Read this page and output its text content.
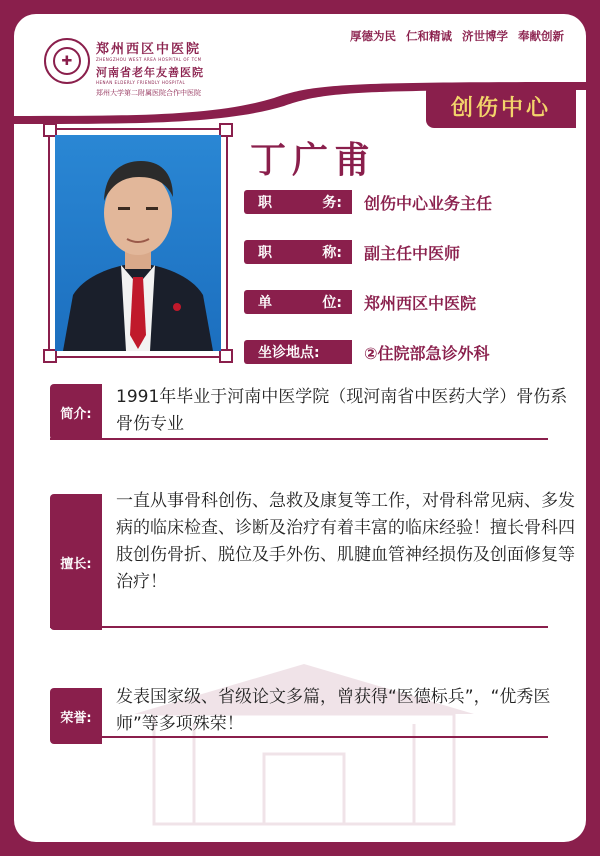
✚
郑州西区中医院
ZHENGZHOU WEST AREA HOSPITAL OF TCM
河南省老年友善医院
HENAN ELDERLY FRIENDLY HOSPITAL
郑州大学第二附属医院合作中医院
厚德为民 仁和精诚 济世博学 奉献创新
创伤中心
丁广甫
职	务: 创伤中心业务主任
职	称: 副主任中医师
单	位: 郑州西区中医院
坐诊地点:	②住院部急诊外科
简介:
1991年毕业于河南中医学院（现河南省中医药大学）骨伤系骨伤专业
擅长:
一直从事骨科创伤、急救及康复等工作，对骨科常见病、多发病的临床检查、诊断及治疗有着丰富的临床经验！擅长骨科四肢创伤骨折、脱位及手外伤、肌腱血管神经损伤及创面修复等治疗！
荣誉:
发表国家级、省级论文多篇，曾获得“医德标兵”，“优秀医师”等多项殊荣！
